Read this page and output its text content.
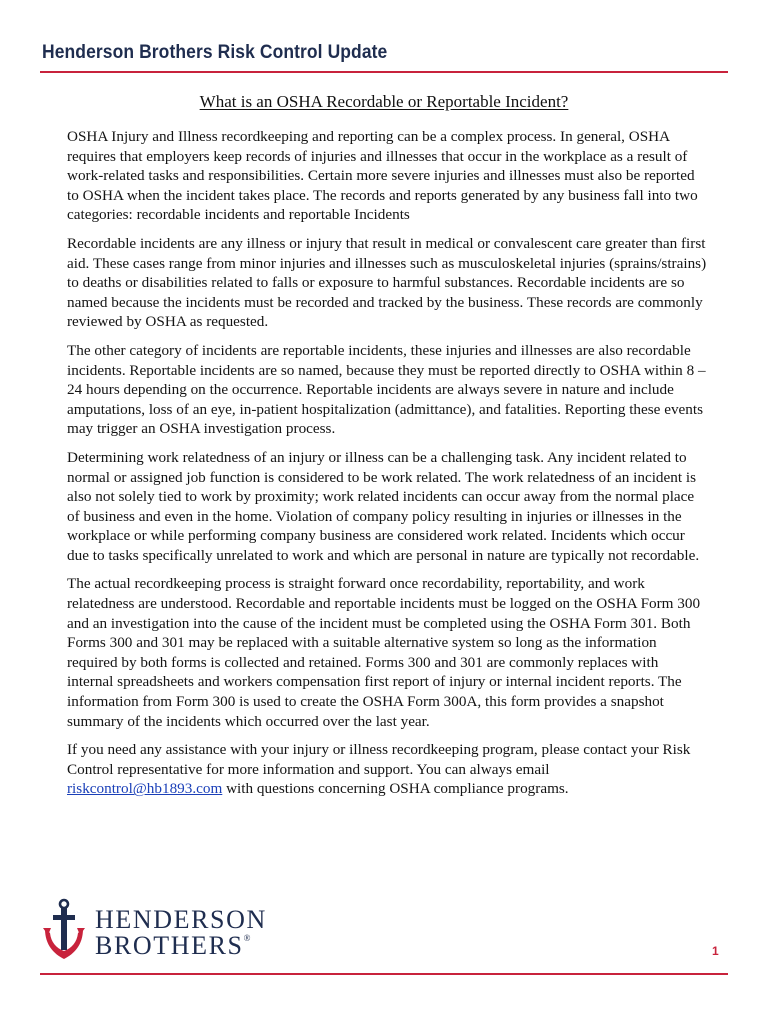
Henderson Brothers Risk Control Update
What is an OSHA Recordable or Reportable Incident?

OSHA Injury and Illness recordkeeping and reporting can be a complex process. In general, OSHA requires that employers keep records of injuries and illnesses that occur in the workplace as a result of work-related tasks and responsibilities. Certain more severe injuries and illnesses must also be reported to OSHA when the incident takes place. The records and reports generated by any business fall into two categories: recordable incidents and reportable Incidents

Recordable incidents are any illness or injury that result in medical or convalescent care greater than first aid. These cases range from minor injuries and illnesses such as musculoskeletal injuries (sprains/strains) to deaths or disabilities related to falls or exposure to harmful substances. Recordable incidents are so named because the incidents must be recorded and tracked by the business. These records are commonly reviewed by OSHA as requested.

The other category of incidents are reportable incidents, these injuries and illnesses are also recordable incidents. Reportable incidents are so named, because they must be reported directly to OSHA within 8 – 24 hours depending on the occurrence. Reportable incidents are always severe in nature and include amputations, loss of an eye, in-patient hospitalization (admittance), and fatalities. Reporting these events may trigger an OSHA investigation process.

Determining work relatedness of an injury or illness can be a challenging task. Any incident related to normal or assigned job function is considered to be work related. The work relatedness of an incident is also not solely tied to work by proximity; work related incidents can occur away from the normal place of business and even in the home. Violation of company policy resulting in injuries or illnesses in the workplace or while performing company business are considered work related. Incidents which occur due to tasks specifically unrelated to work and which are personal in nature are typically not recordable.

The actual recordkeeping process is straight forward once recordability, reportability, and work relatedness are understood. Recordable and reportable incidents must be logged on the OSHA Form 300 and an investigation into the cause of the incident must be completed using the OSHA Form 301. Both Forms 300 and 301 may be replaced with a suitable alternative system so long as the information required by both forms is collected and retained. Forms 300 and 301 are commonly replaces with internal spreadsheets and workers compensation first report of injury or internal incident reports. The information from Form 300 is used to create the OSHA Form 300A, this form provides a snapshot summary of the incidents which occurred over the last year.

If you need any assistance with your injury or illness recordkeeping program, please contact your Risk Control representative for more information and support. You can always email riskcontrol@hb1893.com with questions concerning OSHA compliance programs.

HENDERSON
BROTHERS®
1
